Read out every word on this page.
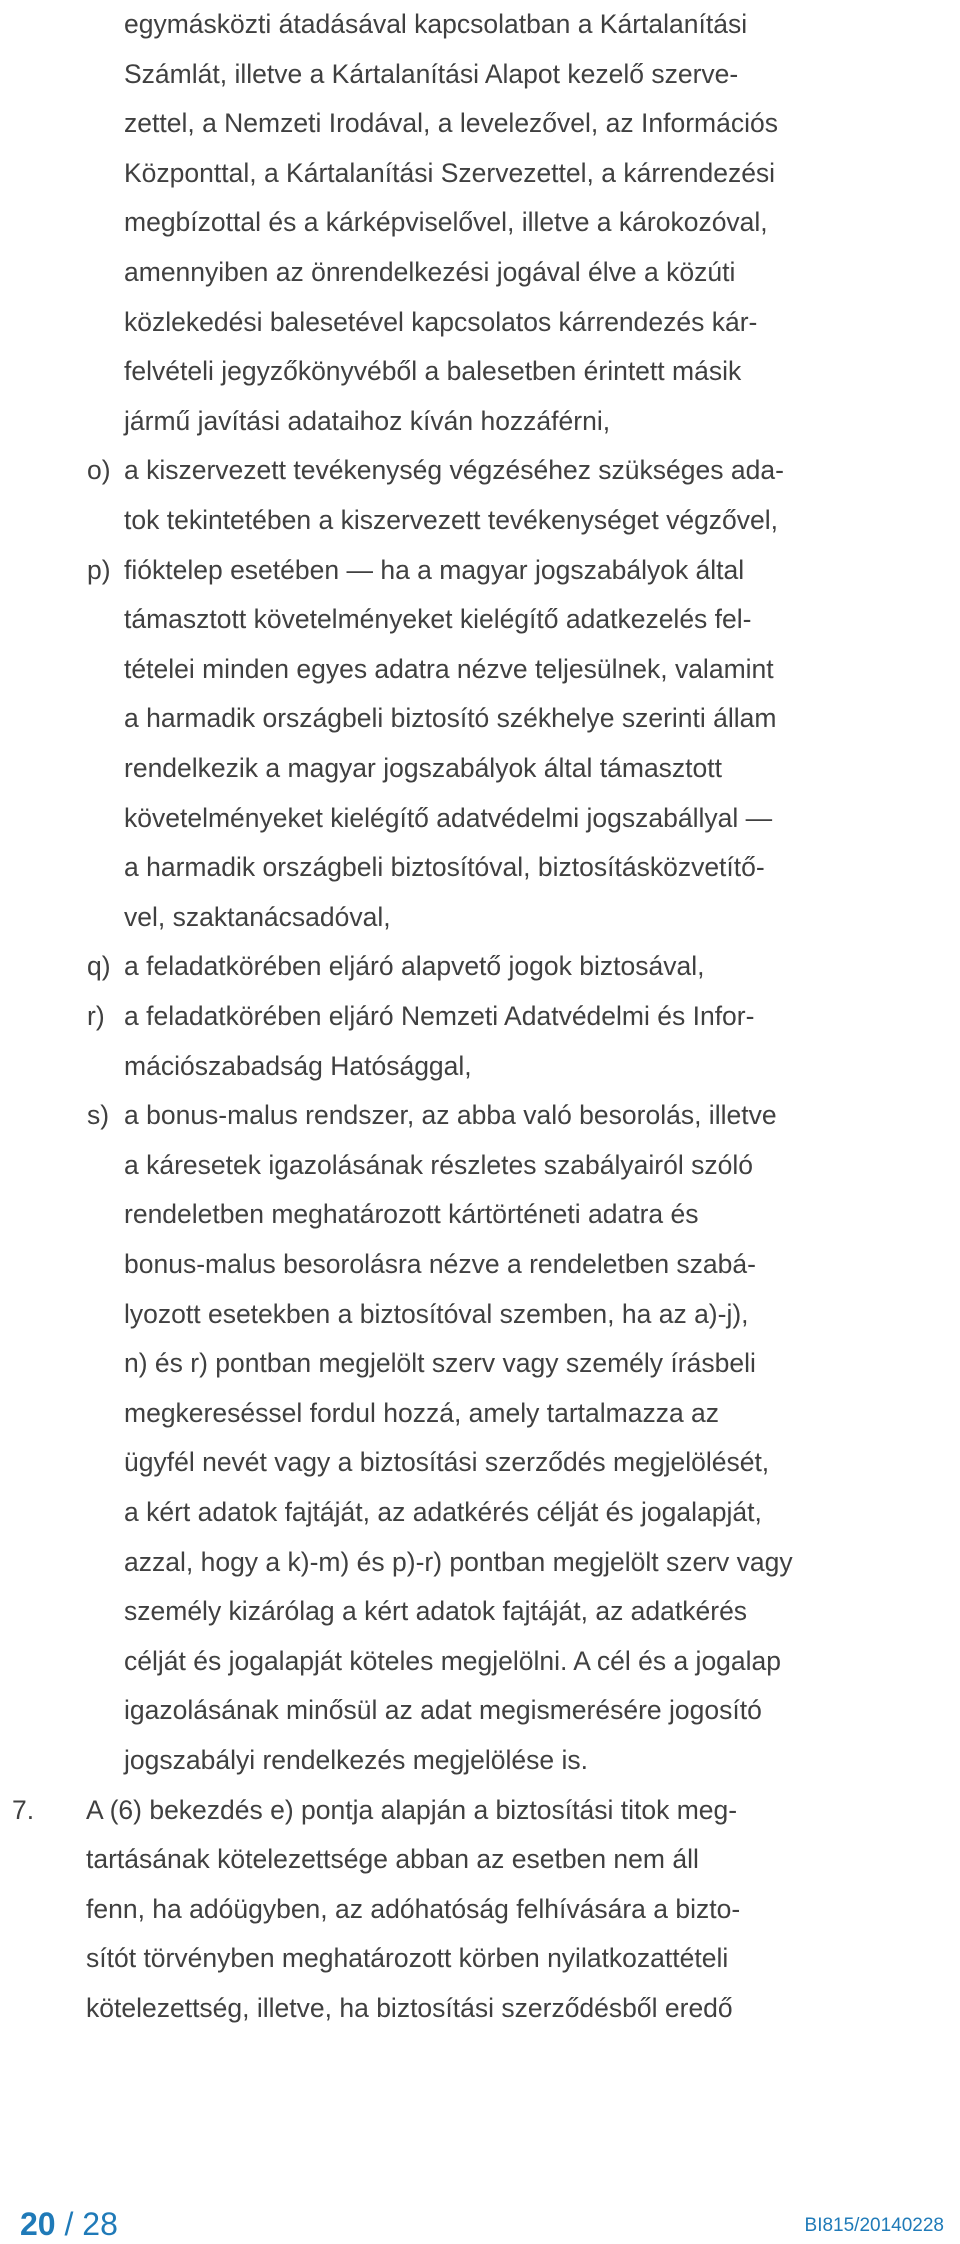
egymásközti átadásával kapcsolatban a Kártalanítási
Számlát, illetve a Kártalanítási Alapot kezelő szerve-
zettel, a Nemzeti Irodával, a levelezővel, az Információs
Központtal, a Kártalanítási Szervezettel, a kárrendezési
megbízottal és a kárképviselővel, illetve a károkozóval,
amennyiben az önrendelkezési jogával élve a közúti
közlekedési balesetével kapcsolatos kárrendezés kár-
felvételi jegyzőkönyvéből a balesetben érintett másik
jármű javítási adataihoz kíván hozzáférni,
o) a kiszervezett tevékenység végzéséhez szükséges ada-
tok tekintetében a kiszervezett tevékenységet végzővel,
p) fióktelep esetében — ha a magyar jogszabályok által
támasztott követelményeket kielégítő adatkezelés fel-
tételei minden egyes adatra nézve teljesülnek, valamint
a harmadik országbeli biztosító székhelye szerinti állam
rendelkezik a magyar jogszabályok által támasztott
követelményeket kielégítő adatvédelmi jogszabállyal —
a harmadik országbeli biztosítóval, biztosításközvetítő-
vel, szaktanácsadóval,
q) a feladatkörében eljáró alapvető jogok biztosával,
r) a feladatkörében eljáró Nemzeti Adatvédelmi és Infor-
mációszabadság Hatósággal,
s) a bonus-malus rendszer, az abba való besorolás, illetve
a káresetek igazolásának részletes szabályairól szóló
rendeletben meghatározott kártörténeti adatra és
bonus-malus besorolásra nézve a rendeletben szabá-
lyozott esetekben a biztosítóval szemben, ha az a)-j),
n) és r) pontban megjelölt szerv vagy személy írásbeli
megkereséssel fordul hozzá, amely tartalmazza az
ügyfél nevét vagy a biztosítási szerződés megjelölését,
a kért adatok fajtáját, az adatkérés célját és jogalapját,
azzal, hogy a k)-m) és p)-r) pontban megjelölt szerv vagy
személy kizárólag a kért adatok fajtáját, az adatkérés
célját és jogalapját köteles megjelölni. A cél és a jogalap
igazolásának minősül az adat megismerésére jogosító
jogszabályi rendelkezés megjelölése is.
7. A (6) bekezdés e) pontja alapján a biztosítási titok meg-
tartásának kötelezettsége abban az esetben nem áll
fenn, ha adóügyben, az adóhatóság felhívására a bizto-
sítót törvényben meghatározott körben nyilatkozattételi
kötelezettség, illetve, ha biztosítási szerződésből eredő
20 / 28	BI815/20140228
